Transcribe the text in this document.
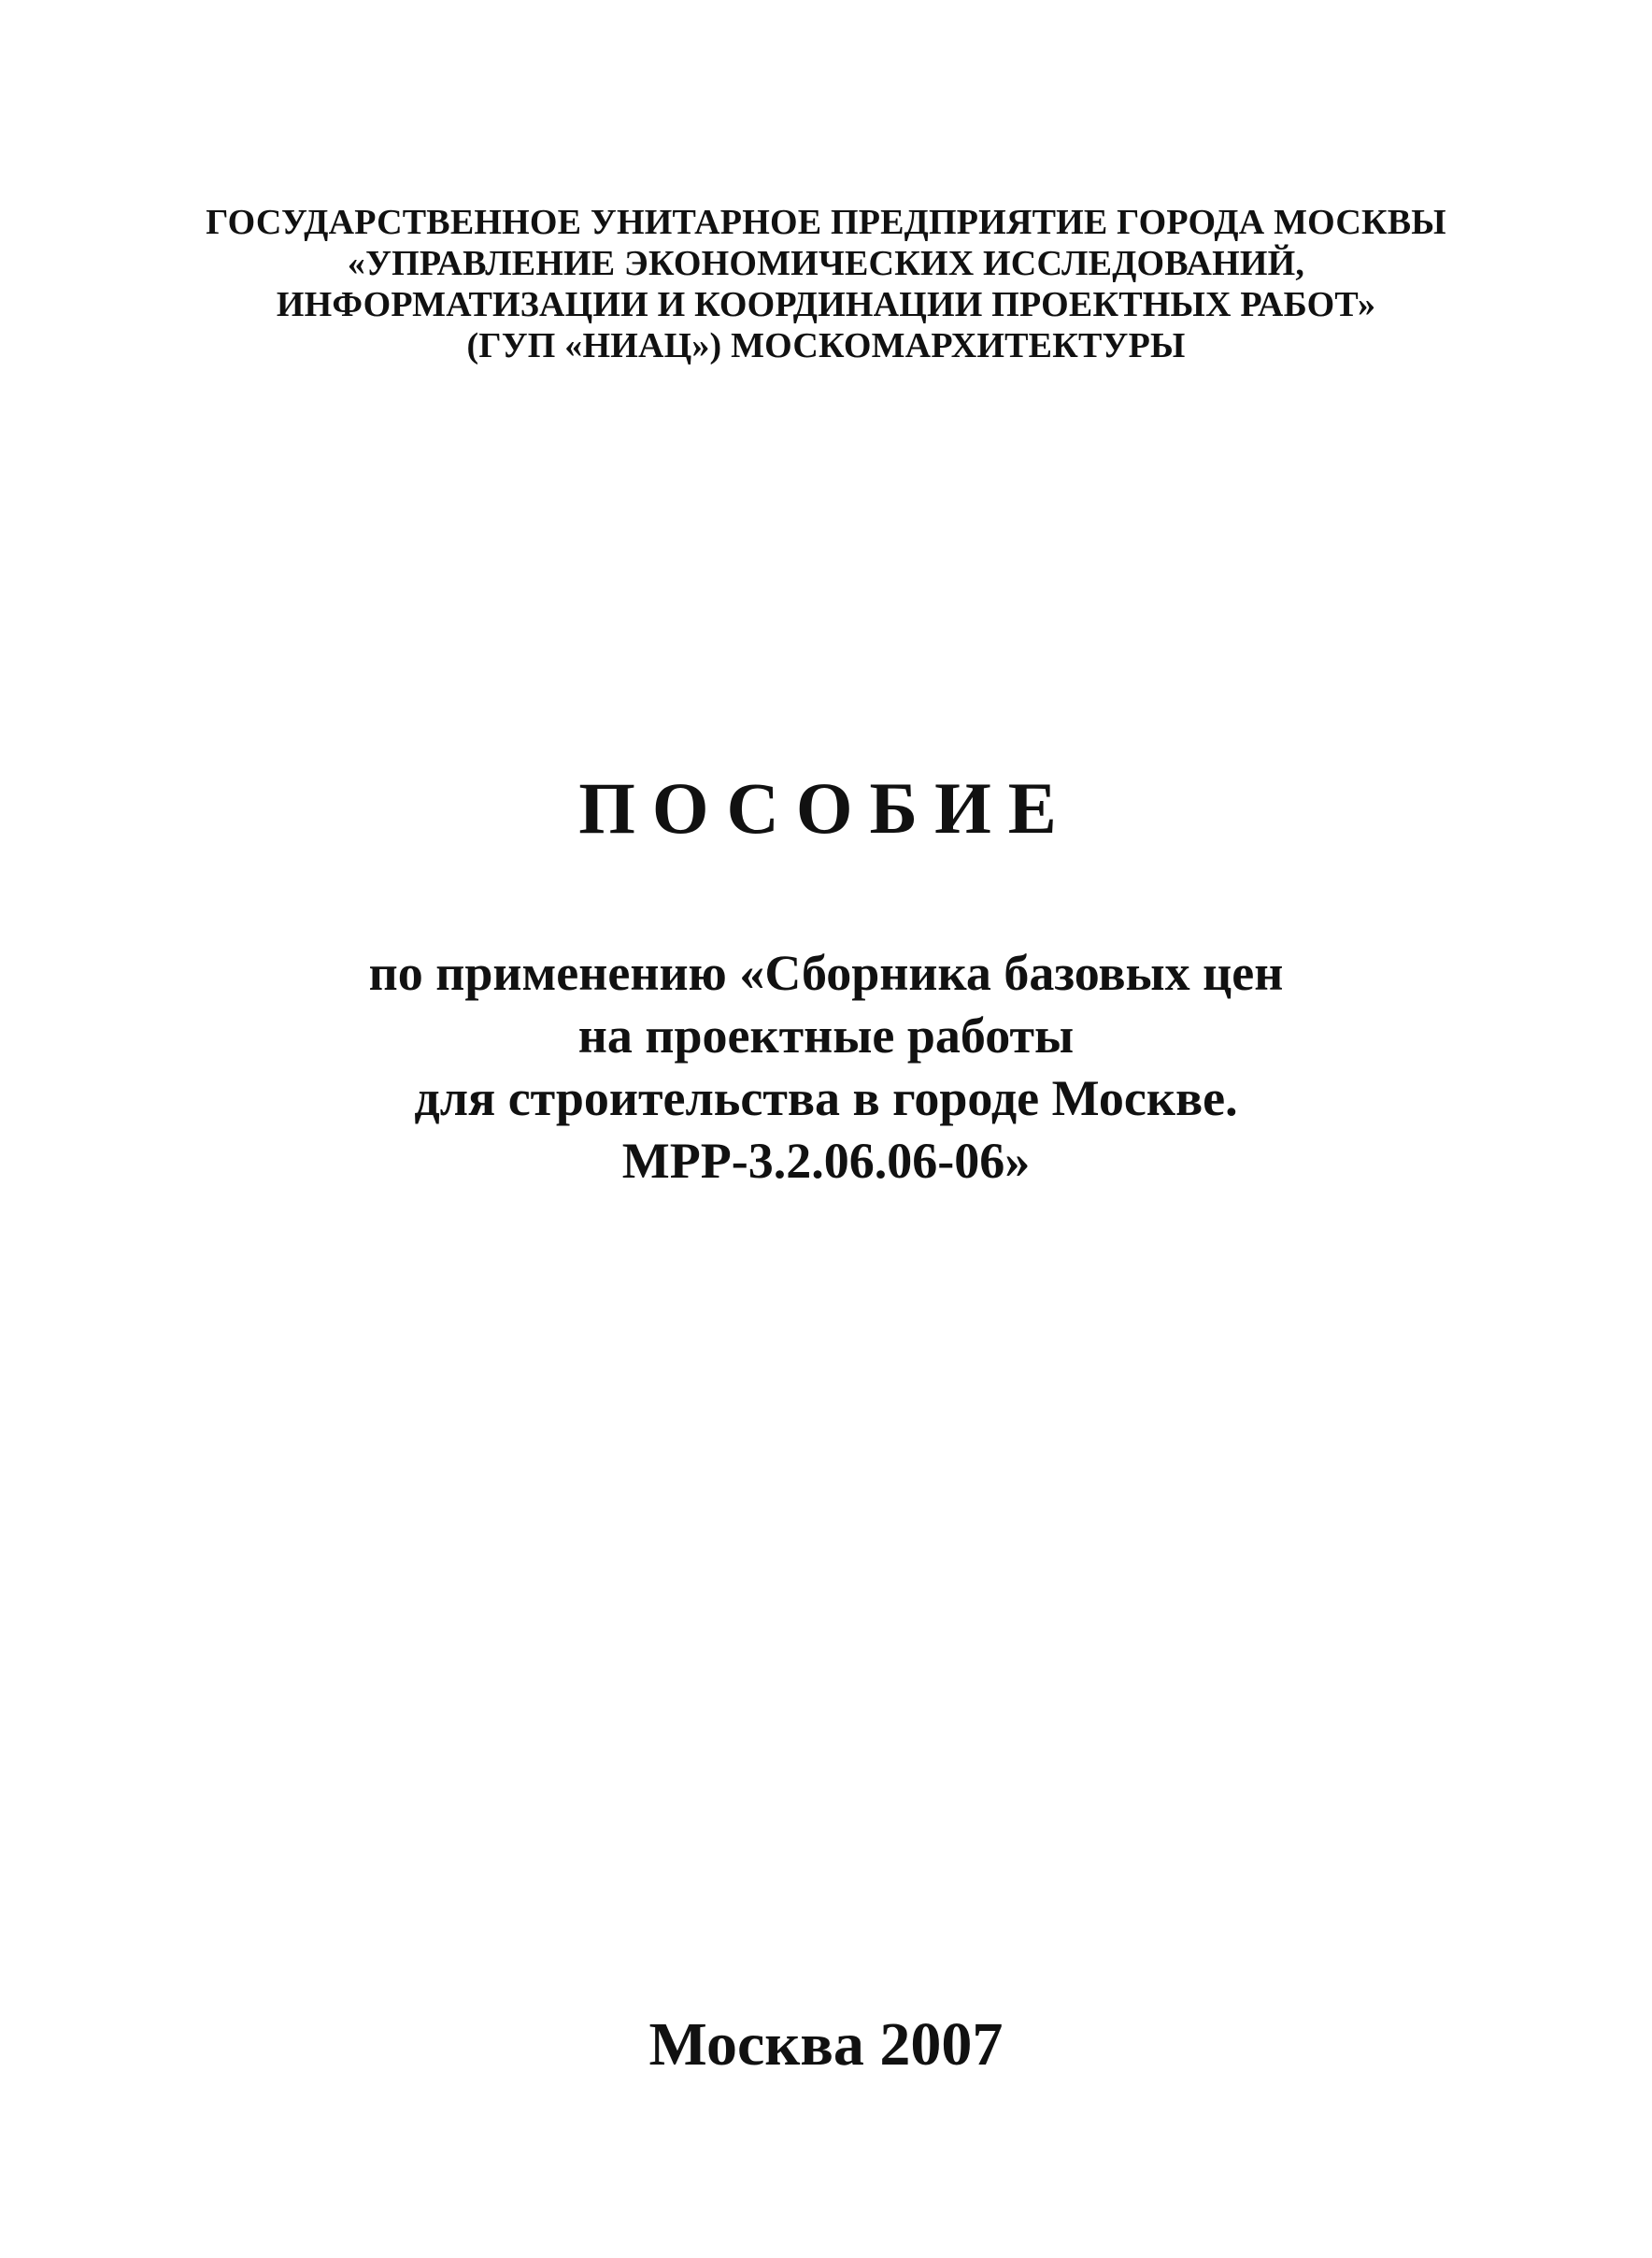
ГОСУДАРСТВЕННОЕ УНИТАРНОЕ ПРЕДПРИЯТИЕ ГОРОДА МОСКВЫ
«УПРАВЛЕНИЕ ЭКОНОМИЧЕСКИХ ИССЛЕДОВАНИЙ,
ИНФОРМАТИЗАЦИИ И КООРДИНАЦИИ ПРОЕКТНЫХ РАБОТ»
(ГУП «НИАЦ») МОСКОМАРХИТЕКТУРЫ
ПОСОБИЕ
по применению «Сборника базовых цен
на проектные работы
для строительства в городе Москве.
МРР-3.2.06.06-06»
Москва 2007
